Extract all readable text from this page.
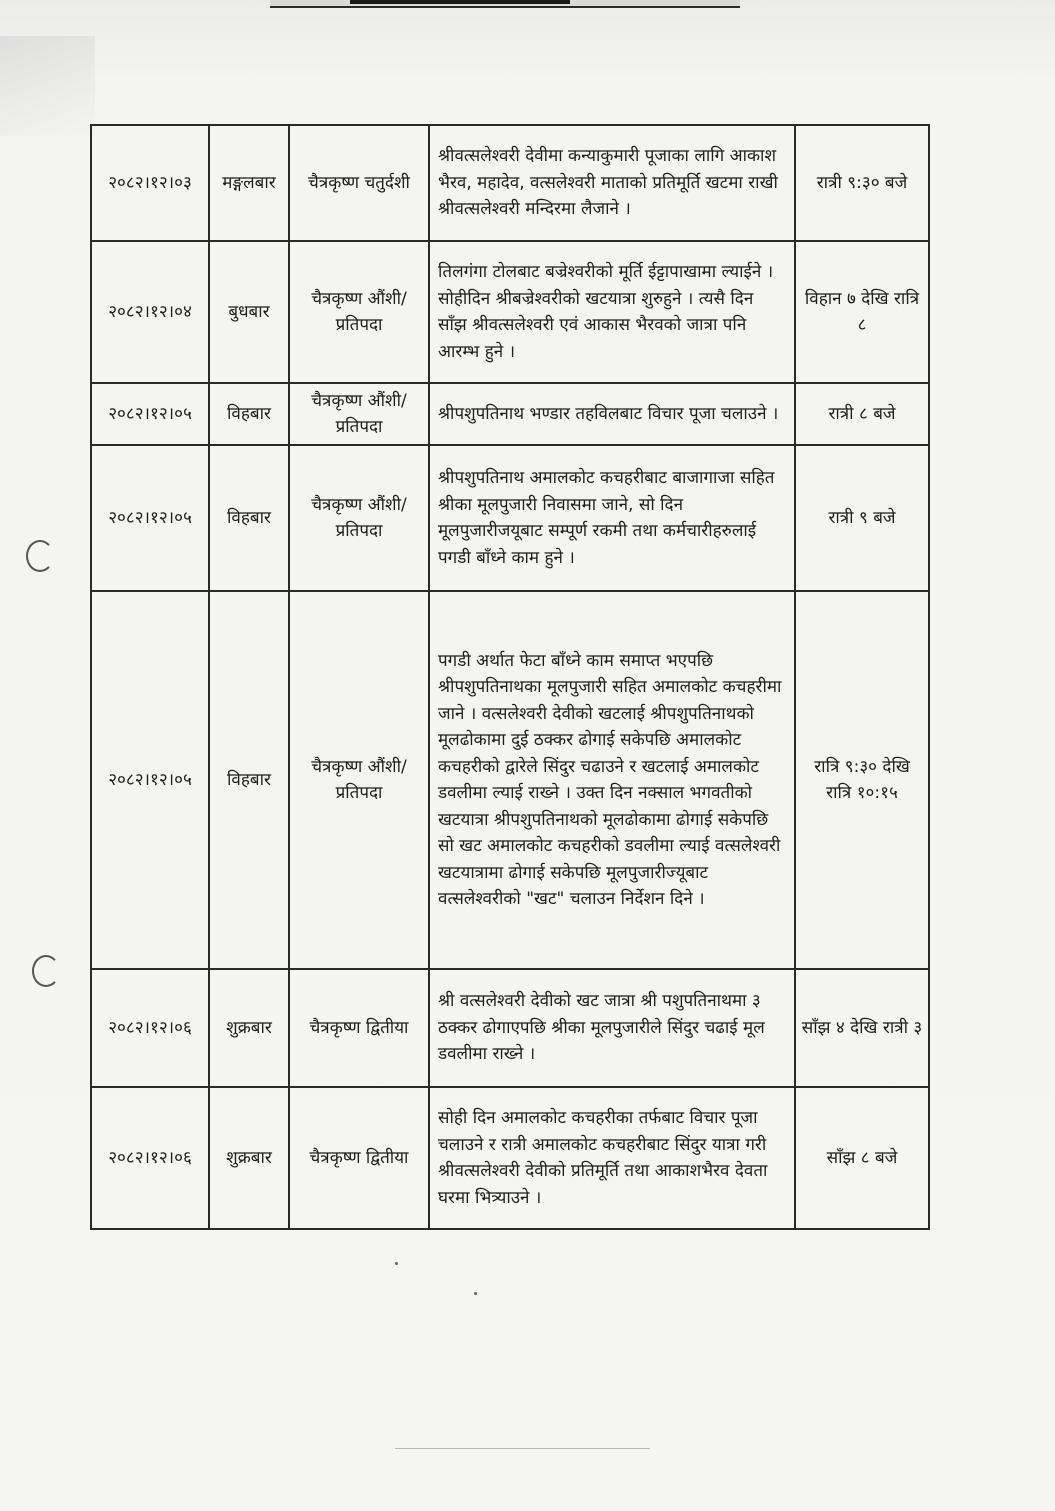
२०८२।१२।०३	मङ्गलबार	चैत्रकृष्ण चतुर्दशी	श्रीवत्सलेश्वरी देवीमा कन्याकुमारी पूजाका लागि आकाश भैरव, महादेव, वत्सलेश्वरी माताको प्रतिमूर्ति खटमा राखी श्रीवत्सलेश्वरी मन्दिरमा लैजाने ।	रात्री ९:३० बजे
२०८२।१२।०४	बुधबार	चैत्रकृष्ण औंशी/प्रतिपदा	तिलगंगा टोलबाट बज्रेश्वरीको मूर्ति ईट्टापाखामा ल्याईने । सोहीदिन श्रीबज्रेश्वरीको खटयात्रा शुरुहुने । त्यसै दिन साँझ श्रीवत्सलेश्वरी एवं आकास भैरवको जात्रा पनि आरम्भ हुने ।	विहान ७ देखि रात्रि ८
२०८२।१२।०५	विहबार	चैत्रकृष्ण औंशी/प्रतिपदा	श्रीपशुपतिनाथ भण्डार तहविलबाट विचार पूजा चलाउने ।	रात्री ८ बजे
२०८२।१२।०५	विहबार	चैत्रकृष्ण औंशी/प्रतिपदा	श्रीपशुपतिनाथ अमालकोट कचहरीबाट बाजागाजा सहित श्रीका मूलपुजारी निवासमा जाने, सो दिन मूलपुजारीजयूबाट सम्पूर्ण रकमी तथा कर्मचारीहरुलाई पगडी बाँध्ने काम हुने ।	रात्री ९ बजे
२०८२।१२।०५	विहबार	चैत्रकृष्ण औंशी/प्रतिपदा	पगडी अर्थात फेटा बाँध्ने काम समाप्त भएपछि श्रीपशुपतिनाथका मूलपुजारी सहित अमालकोट कचहरीमा जाने । वत्सलेश्वरी देवीको खटलाई श्रीपशुपतिनाथको मूलढोकामा दुई ठक्कर ढोगाई सकेपछि अमालकोट कचहरीको द्वारेले सिंदुर चढाउने र खटलाई अमालकोट डवलीमा ल्याई राख्ने । उक्त दिन नक्साल भगवतीको खटयात्रा श्रीपशुपतिनाथको मूलढोकामा ढोगाई सकेपछि सो खट अमालकोट कचहरीको डवलीमा ल्याई वत्सलेश्वरी खटयात्रामा ढोगाई सकेपछि मूलपुजारीज्यूबाट वत्सलेश्वरीको "खट" चलाउन निर्देशन दिने ।	रात्रि ९:३० देखि रात्रि १०:१५
२०८२।१२।०६	शुक्रबार	चैत्रकृष्ण द्वितीया	श्री वत्सलेश्वरी देवीको खट जात्रा श्री पशुपतिनाथमा ३ ठक्कर ढोगाएपछि श्रीका मूलपुजारीले सिंदुर चढाई मूल डवलीमा राख्ने ।	साँझ ४ देखि रात्री ३
२०८२।१२।०६	शुक्रबार	चैत्रकृष्ण द्वितीया	सोही दिन अमालकोट कचहरीका तर्फबाट विचार पूजा चलाउने र रात्री अमालकोट कचहरीबाट सिंदुर यात्रा गरी श्रीवत्सलेश्वरी देवीको प्रतिमूर्ति तथा आकाशभैरव देवता घरमा भित्र्याउने ।	साँझ ८ बजे
